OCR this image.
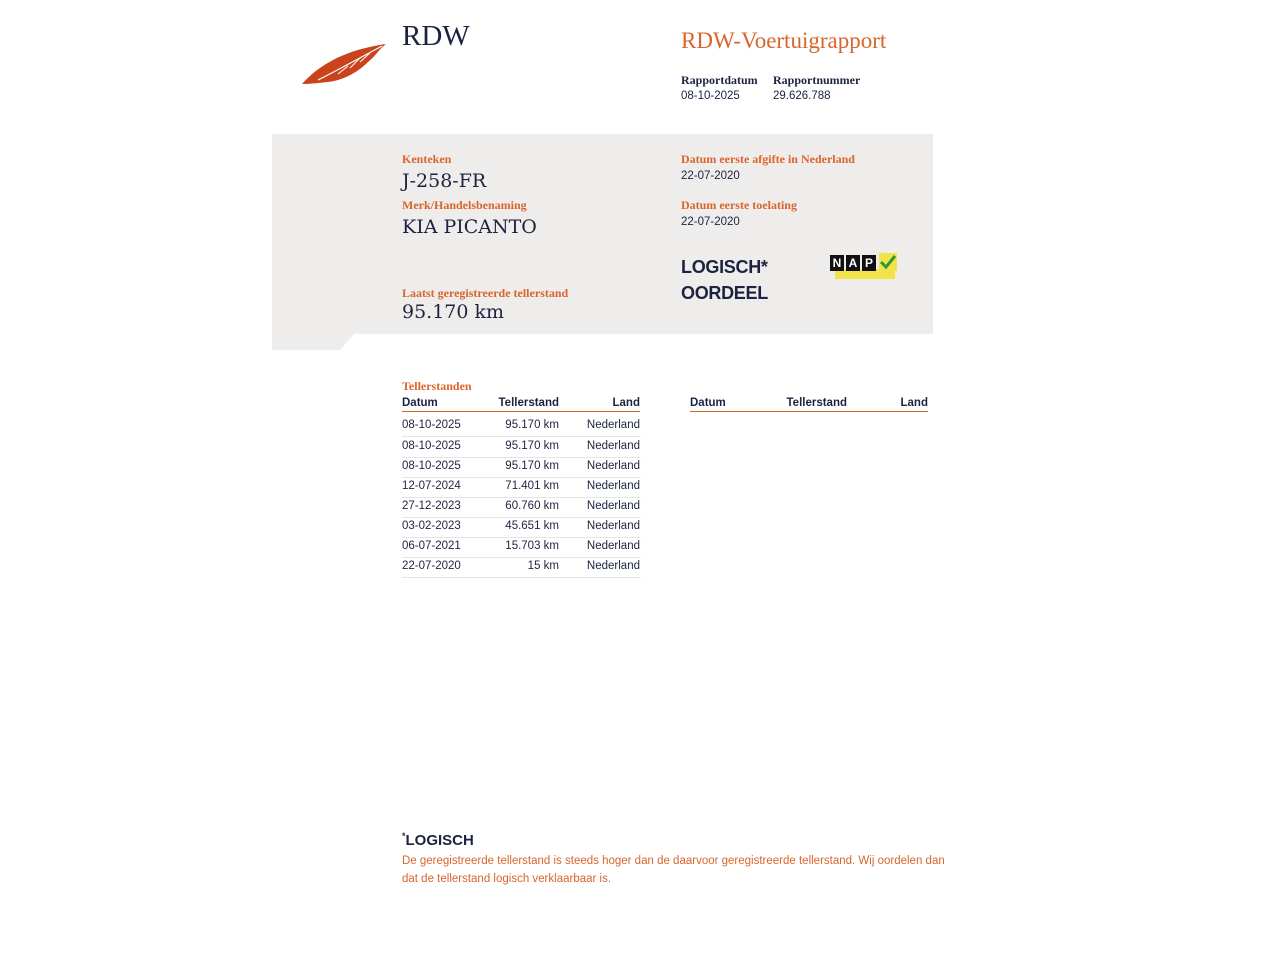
RDW	RDW-Voertuigrapport
Rapportdatum
08-10-2025
Rapportnummer
29.626.788
Kenteken
J-258-FR
Merk/Handelsbenaming
KIA PICANTO
Laatst geregistreerde tellerstand
95.170 km
Datum eerste afgifte in Nederland
22-07-2020
Datum eerste toelating
22-07-2020
LOGISCH*
OORDEEL
N A P
Tellerstanden
Datum	Tellerstand	Land
08-10-2025	95.170 km Nederland
08-10-2025	95.170 km Nederland
08-10-2025	95.170 km Nederland
12-07-2024	71.401 km Nederland
27-12-2023	60.760 km Nederland
03-02-2023	45.651 km Nederland
06-07-2021	15.703 km Nederland
22-07-2020	15 km Nederland
Datum	Tellerstand	Land
*LOGISCH
De geregistreerde tellerstand is steeds hoger dan de daarvoor geregistreerde tellerstand. Wij oordelen dan dat de tellerstand logisch verklaarbaar is.
